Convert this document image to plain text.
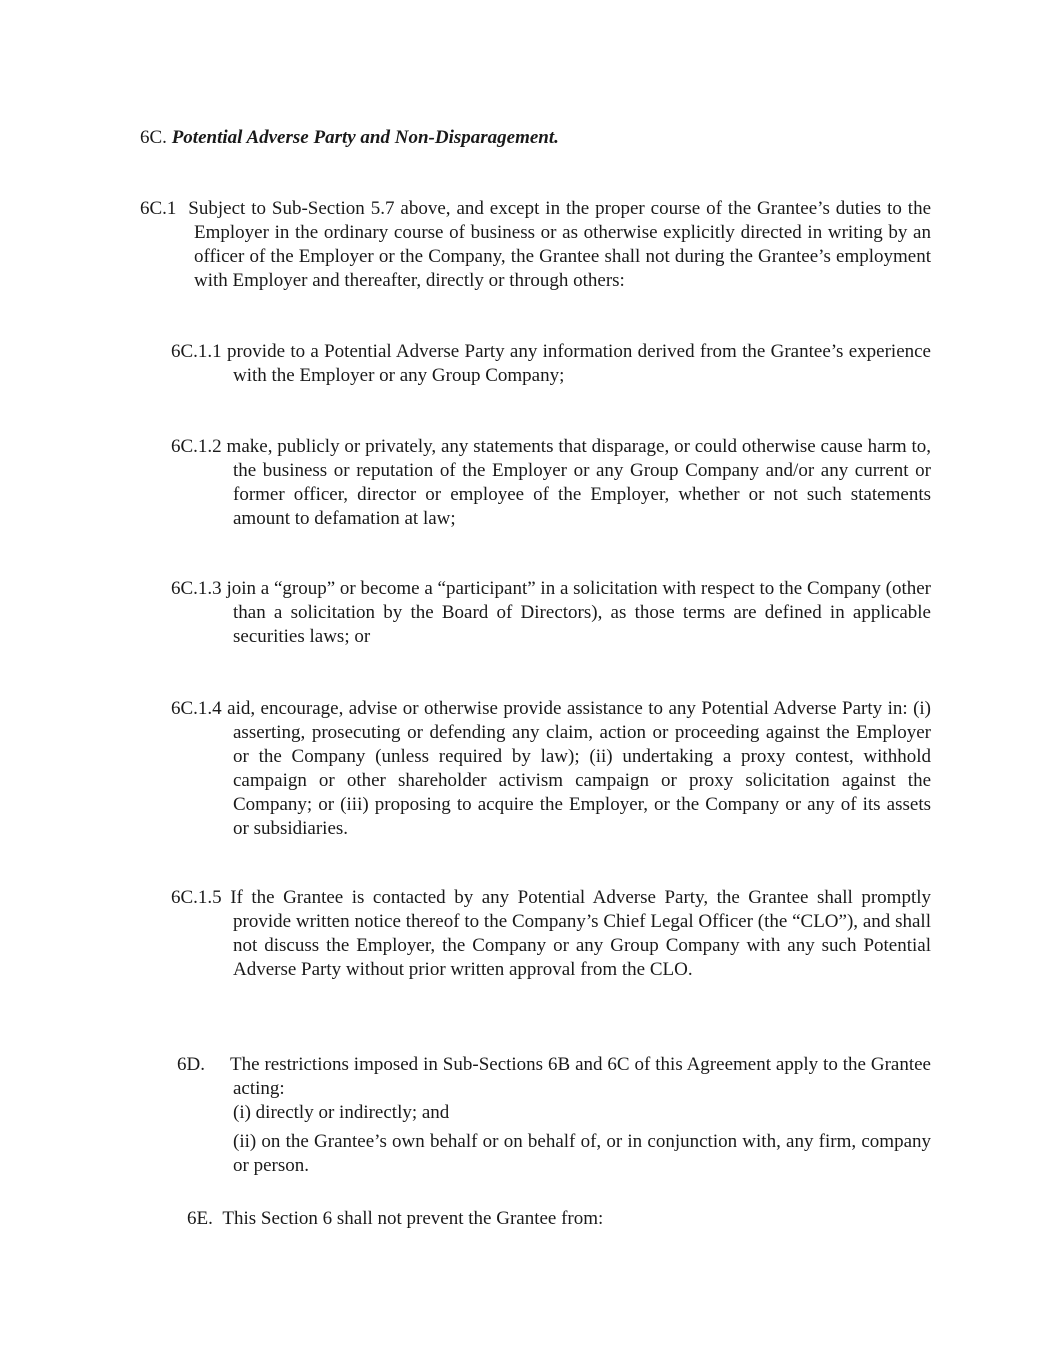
6C. Potential Adverse Party and Non-Disparagement.
6C.1 Subject to Sub-Section 5.7 above, and except in the proper course of the Grantee’s duties to the Employer in the ordinary course of business or as otherwise explicitly directed in writing by an officer of the Employer or the Company, the Grantee shall not during the Grantee’s employment with Employer and thereafter, directly or through others:
6C.1.1 provide to a Potential Adverse Party any information derived from the Grantee’s experience with the Employer or any Group Company;
6C.1.2 make, publicly or privately, any statements that disparage, or could otherwise cause harm to, the business or reputation of the Employer or any Group Company and/or any current or former officer, director or employee of the Employer, whether or not such statements amount to defamation at law;
6C.1.3 join a “group” or become a “participant” in a solicitation with respect to the Company (other than a solicitation by the Board of Directors), as those terms are defined in applicable securities laws; or
6C.1.4 aid, encourage, advise or otherwise provide assistance to any Potential Adverse Party in: (i) asserting, prosecuting or defending any claim, action or proceeding against the Employer or the Company (unless required by law); (ii) undertaking a proxy contest, withhold campaign or other shareholder activism campaign or proxy solicitation against the Company; or (iii) proposing to acquire the Employer, or the Company or any of its assets or subsidiaries.
6C.1.5 If the Grantee is contacted by any Potential Adverse Party, the Grantee shall promptly provide written notice thereof to the Company’s Chief Legal Officer (the “CLO”), and shall not discuss the Employer, the Company or any Group Company with any such Potential Adverse Party without prior written approval from the CLO.
6D. The restrictions imposed in Sub-Sections 6B and 6C of this Agreement apply to the Grantee acting:
(i) directly or indirectly; and
(ii) on the Grantee’s own behalf or on behalf of, or in conjunction with, any firm, company or person.
6E. This Section 6 shall not prevent the Grantee from:
